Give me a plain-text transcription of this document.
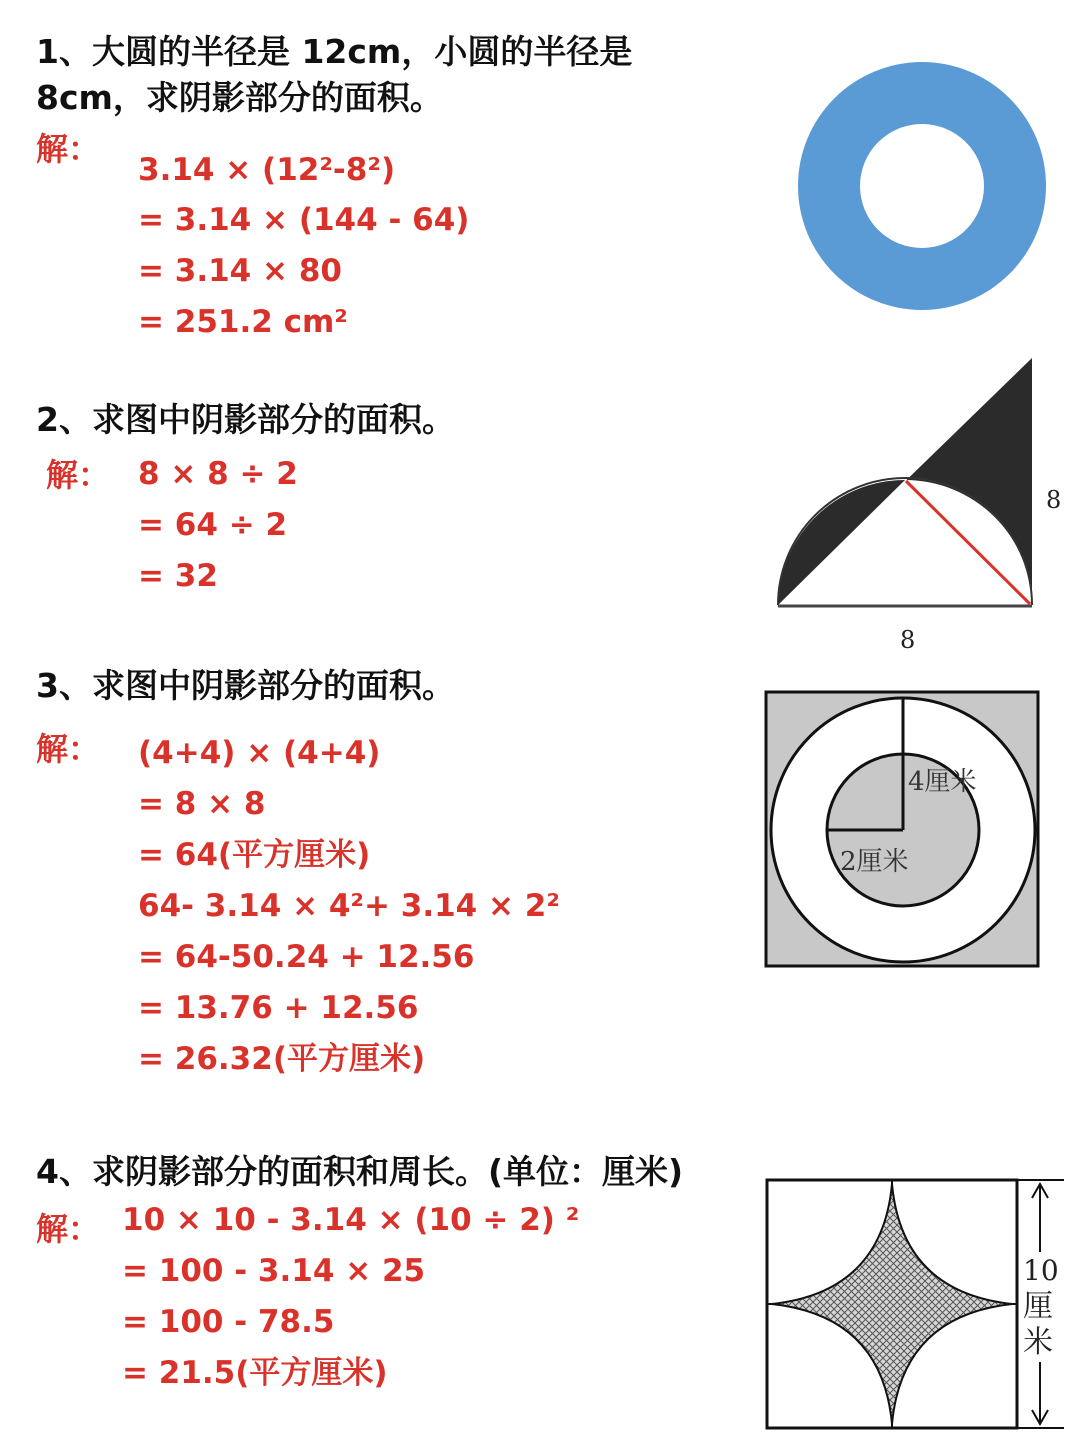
1、大圆的半径是 12cm，小圆的半径是

8cm，求阴影部分的面积。

解：
3.14 × (12²-8²)
= 3.14 × (144 - 64)
= 3.14 × 80
= 251.2 cm²

2、求图中阴影部分的面积。

解： 8 × 8 ÷ 2
= 64 ÷ 2
= 32
8
8

3、求图中阴影部分的面积。

解： (4+4) × (4+4)
= 8 × 8
= 64(平方厘米)
64- 3.14 × 4²+ 3.14 × 2²
= 64-50.24 + 12.56
= 13.76 + 12.56
= 26.32(平方厘米)
4厘米
2厘米

4、求阴影部分的面积和周长。(单位：厘米)

解： 10 × 10 - 3.14 × (10 ÷ 2) ²
= 100 - 3.14 × 25
= 100 - 78.5
= 21.5(平方厘米)
10
厘
米
